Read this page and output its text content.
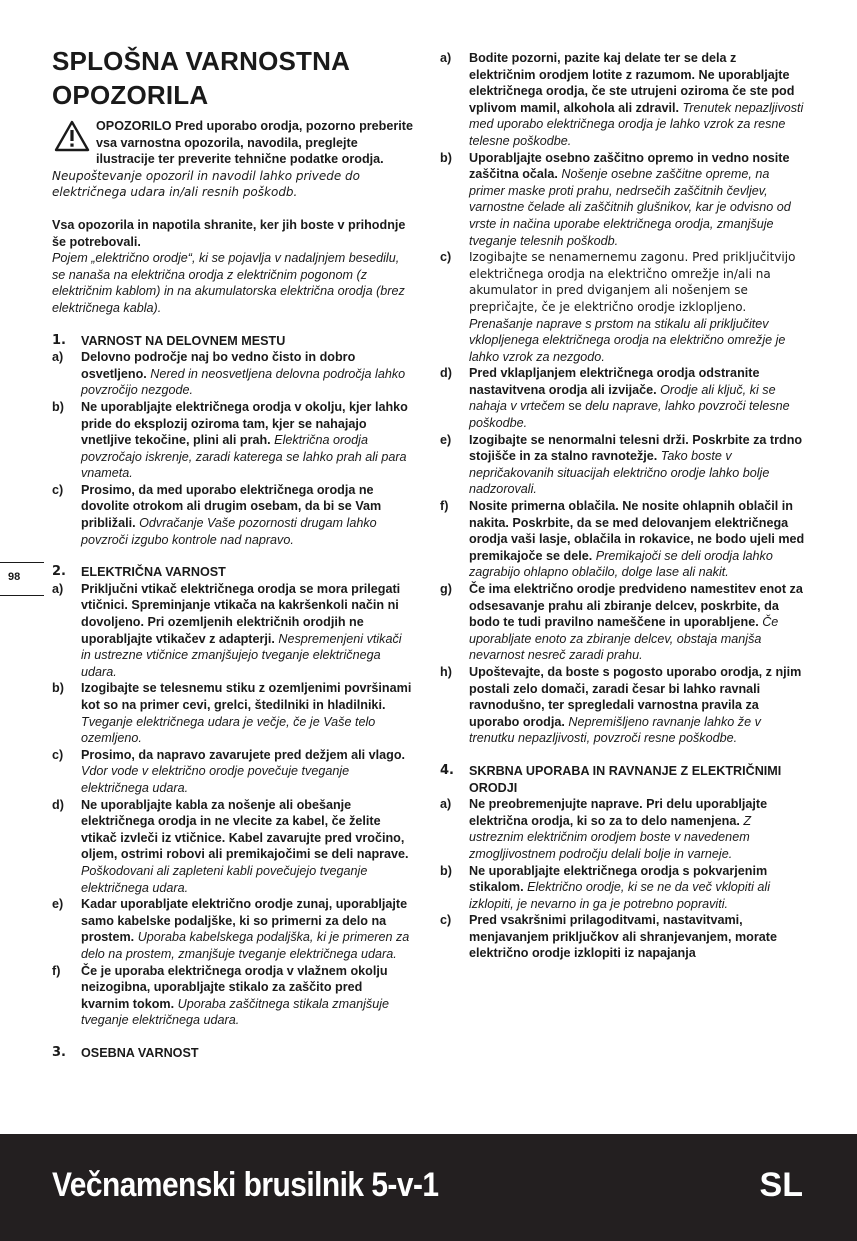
SPLOŠNA VARNOSTNA
OPOZORILA
OPOZORILO Pred uporabo orodja, pozorno preberite vsa varnostna opozorila, navodila, preglejte ilustracije ter preverite tehnične podatke orodja. Neupoštevanje opozoril in navodil lahko privede do električnega udara in/ali resnih poškodb.
Vsa opozorila in napotila shranite, ker jih boste v prihodnje še potrebovali.
Pojem „električno orodje“, ki se pojavlja v nadaljnjem besedilu, se nanaša na električna orodja z električnim pogonom (z električnim kablom) in na akumulatorska električna orodja (brez električnega kabla).
1.	VARNOST NA DELOVNEM MESTU
a)	Delovno področje naj bo vedno čisto in dobro osvetljeno. Nered in neosvetljena delovna področja lahko povzročijo nezgode.
b)	Ne uporabljajte električnega orodja v okolju, kjer lahko pride do eksplozij oziroma tam, kjer se nahajajo vnetljive tekočine, plini ali prah. Električna orodja povzročajo iskrenje, zaradi katerega se lahko prah ali para vnameta.
c)	Prosimo, da med uporabo električnega orodja ne dovolite otrokom ali drugim osebam, da bi se Vam približali. Odvračanje Vaše pozornosti drugam lahko povzroči izgubo kontrole nad napravo.
2.	ELEKTRIČNA VARNOST
a)	Priključni vtikač električnega orodja se mora prilegati vtičnici. Spreminjanje vtikača na kakršenkoli način ni dovoljeno. Pri ozemljenih električnih orodjih ne uporabljajte vtikačev z adapterji. Nespremenjeni vtikači in ustrezne vtičnice zmanjšujejo tveganje električnega udara.
b)	Izogibajte se telesnemu stiku z ozemljenimi površinami kot so na primer cevi, grelci, štedilniki in hladilniki. Tveganje električnega udara je večje, če je Vaše telo ozemljeno.
c)	Prosimo, da napravo zavarujete pred dežjem ali vlago. Vdor vode v električno orodje povečuje tveganje električnega udara.
d)	Ne uporabljajte kabla za nošenje ali obešanje električnega orodja in ne vlecite za kabel, če želite vtikač izvleči iz vtičnice. Kabel zavarujte pred vročino, oljem, ostrimi robovi ali premikajočimi se deli naprave. Poškodovani ali zapleteni kabli povečujejo tveganje električnega udara.
e)	Kadar uporabljate električno orodje zunaj, uporabljajte samo kabelske podaljške, ki so primerni za delo na prostem. Uporaba kabelskega podaljška, ki je primeren za delo na prostem, zmanjšuje tveganje električnega udara.
f)	Če je uporaba električnega orodja v vlažnem okolju neizogibna, uporabljajte stikalo za zaščito pred kvarnim tokom. Uporaba zaščitnega stikala zmanjšuje tveganje električnega udara.
3.	OSEBNA VARNOST
a)	Bodite pozorni, pazite kaj delate ter se dela z električnim orodjem lotite z razumom. Ne uporabljajte električnega orodja, če ste utrujeni oziroma če ste pod vplivom mamil, alkohola ali zdravil. Trenutek nepazljivosti med uporabo električnega orodja je lahko vzrok za resne telesne poškodbe.
b)	Uporabljajte osebno zaščitno opremo in vedno nosite zaščitna očala. Nošenje osebne zaščitne opreme, na primer maske proti prahu, nedrsečih zaščitnih čevljev, varnostne čelade ali zaščitnih glušnikov, kar je odvisno od vrste in načina uporabe električnega orodja, zmanjšuje tveganje telesnih poškodb.
c)	Izogibajte se nenamernemu zagonu. Pred priključitvijo električnega orodja na električno omrežje in/ali na akumulator in pred dviganjem ali nošenjem se prepričajte, če je električno orodje izklopljeno. Prenašanje naprave s prstom na stikalu ali priključitev vklopljenega električnega orodja na električno omrežje je lahko vzrok za nezgodo.
d)	Pred vklapljanjem električnega orodja odstranite nastavitvena orodja ali izvijače. Orodje ali ključ, ki se nahaja v vrtečem se delu naprave, lahko povzroči telesne poškodbe.
e)	Izogibajte se nenormalni telesni drži. Poskrbite za trdno stojišče in za stalno ravnotežje. Tako boste v nepričakovanih situacijah električno orodje lahko bolje nadzorovali.
f)	Nosite primerna oblačila. Ne nosite ohlapnih oblačil in nakita. Poskrbite, da se med delovanjem električnega orodja vaši lasje, oblačila in rokavice, ne bodo ujeli med premikajoče se dele. Premikajoči se deli orodja lahko zagrabijo ohlapno oblačilo, dolge lase ali nakit.
g)	Če ima električno orodje predvideno namestitev enot za odsesavanje prahu ali zbiranje delcev, poskrbite, da bodo te tudi pravilno nameščene in uporabljene. Če uporabljate enoto za zbiranje delcev, obstaja manjša nevarnost nesreč zaradi prahu.
h)	Upoštevajte, da boste s pogosto uporabo orodja, z njim postali zelo domači, zaradi česar bi lahko ravnali ravnodušno, ter spregledali varnostna pravila za uporabo orodja. Nepremišljeno ravnanje lahko že v trenutku nepazljivosti, povzroči resne poškodbe.
4.	SKRBNA UPORABA IN RAVNANJE Z ELEKTRIČNIMI ORODJI
a)	Ne preobremenjujte naprave. Pri delu uporabljajte električna orodja, ki so za to delo namenjena. Z ustreznim električnim orodjem boste v navedenem zmogljivostnem področju delali bolje in varneje.
b)	Ne uporabljajte električnega orodja s pokvarjenim stikalom. Električno orodje, ki se ne da več vklopiti ali izklopiti, je nevarno in ga je potrebno popraviti.
c)	Pred vsakršnimi prilagoditvami, nastavitvami, menjavanjem priključkov ali shranjevanjem, morate električno orodje izklopiti iz napajanja
98
Večnamenski brusilnik 5-v-1	SL
